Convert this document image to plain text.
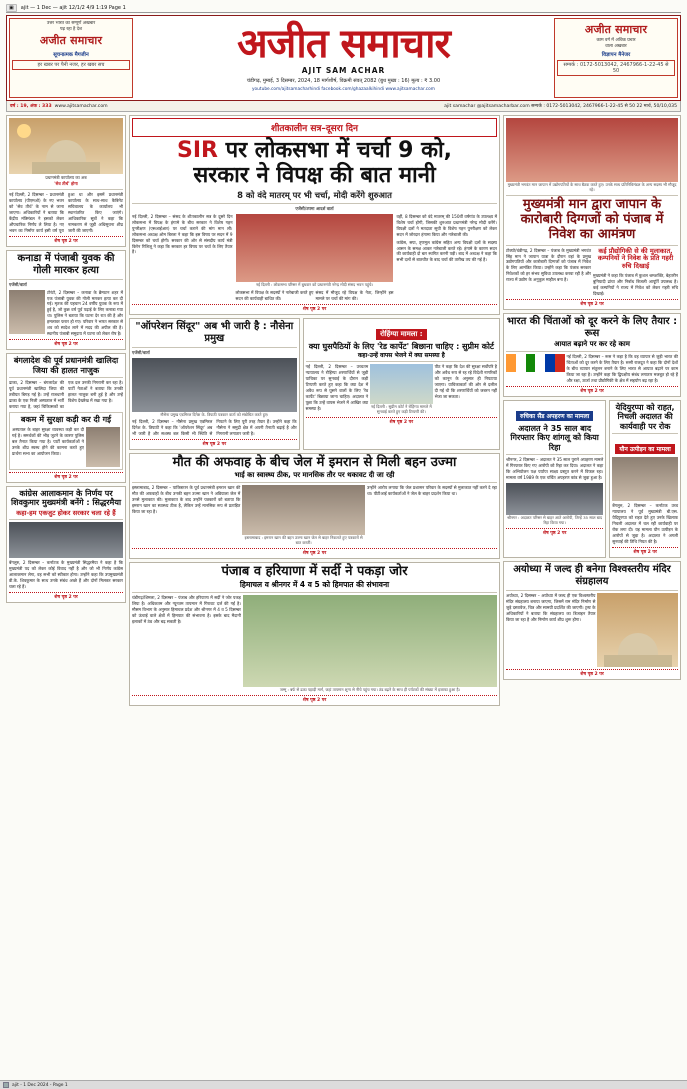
▣	ajit — 1 Dec — ajit 12/1/2 4/9 1:19 Page 1
उत्तर भारत का सम्पूर्ण अखबार
पढ़ रहा है देश
अजीत समाचार
सूचनात्मक मैगजीन
हर खबर पर पैनी नजर, हर खबर सच	अजीत समाचार
AJIT SAM ACHAR
चंडीगढ़, मुम्बई, 3 दिसम्बर, 2024, 18 मार्गशीर्ष, विक्रमी संवत् 2082 (बुध मुख्य : 16) मूल्य : ₹ 3.00
youtube.com/ajitsamacharhindi facebook.com/ghazaalkihindi www.ajitsamachar.com
अजीत समाचार
काम वर्ग में अधिक प्रचार
वाला अखबार
विज्ञापन मैनेजर
सम्पर्क : 0172-5013042, 2467966-1-22-45 से 50
वर्ष : 19, अंक : 333 www.ajitsamachar.com	ajit samachar @ajitsamacharbar.com सम्पर्क : 0172-5013042, 2467966-1-22-45 से 50 22 मार्च, 50/10,035
प्रधानमंत्री कार्यालय का अब
'सेव तीर्थ' होगा
नई दिल्ली, 2 दिसम्बर – प्रधानमंत्री कार्यालय (पीएमओ) के नए भवन को 'सेव तीर्थ' के नाम से जाना जाएगा। अधिकारियों ने बताया कि केंद्रीय मंत्रिमंडल ने इसको लेकर औपचारिक निर्णय ले लिया है। नए भवन का निर्माण कार्य इसी वर्ष पूरा हुआ था और इसमें प्रधानमंत्री कार्यालय के साथ-साथ कैबिनेट सचिवालय के कार्यालय भी स्थानांतरित किए जाएंगे। आधिकारिक सूत्रों ने कहा कि नामकरण से जुड़ी अधिसूचना शीघ्र जारी की जाएगी।
शेष पृष्ठ 2 पर
कनाडा में पंजाबी युवक की गोली मारकर हत्या
एजेंसी/वार्ता
टोरंटो, 2 दिसम्बर – कनाडा के ब्रैम्पटन शहर में एक पंजाबी युवक की गोली मारकर हत्या कर दी गई। मृतक की पहचान 24 वर्षीय युवक के रूप में हुई है, जो कुछ वर्ष पूर्व पढ़ाई के लिए कनाडा गया था। पुलिस ने बताया कि घटना देर रात की है और हमलावर फरार हो गए। परिवार ने भारत सरकार से शव को स्वदेश लाने में मदद की अपील की है। स्थानीय पंजाबी समुदाय में घटना को लेकर रोष है।
शेष पृष्ठ 2 पर
बंगलादेश की पूर्व प्रधानमंत्री खालिदा जिया की हालत नाजुक
ढाका, 2 दिसम्बर – बंगलादेश की पूर्व प्रधानमंत्री खालिदा जिया की तबीयत बिगड़ गई है। उन्हें राजधानी ढाका के एक निजी अस्पताल में भर्ती कराया गया है, जहां चिकित्सकों का एक दल उनकी निगरानी कर रहा है। पार्टी नेताओं ने बताया कि उनकी हालत नाजुक बनी हुई है और उन्हें विशेष देखरेख में रखा गया है।
बकम में सुरक्षा कड़ी कर दी गई
अस्पताल के बाहर सुरक्षा व्यवस्था कड़ी कर दी गई है। समर्थकों की भीड़ जुटने के कारण पुलिस बल तैनात किया गया है। पार्टी कार्यकर्ताओं ने उनके शीघ्र स्वस्थ होने की कामना करते हुए प्रार्थना सभा का आयोजन किया।
शेष पृष्ठ 2 पर
कांग्रेस आलाकमान के निर्णय पर शिवकुमार मुख्यमंत्री बनेंगे : सिद्धरमैया
कहा-हम एकजुट होकर सरकार चला रहे हैं
बेंगलुरु, 2 दिसम्बर – कर्नाटक के मुख्यमंत्री सिद्धरमैया ने कहा है कि मुख्यमंत्री पद को लेकर कोई विवाद नहीं है और जो भी निर्णय कांग्रेस आलाकमान लेगा, वह सभी को स्वीकार होगा। उन्होंने कहा कि उपमुख्यमंत्री डी.के. शिवकुमार के साथ उनके संबंध अच्छे हैं और दोनों मिलकर सरकार चला रहे हैं।
शेष पृष्ठ 2 पर
शीतकालीन सत्र–दूसरा दिन
SIR पर लोकसभा में चर्चा 9 को,
सरकार ने विपक्ष की बात मानी
8 को वंदे मातरम् पर भी चर्चा, मोदी करेंगे शुरुआत
एजेंसी/उपमा आदर्श वार्ता
नई दिल्ली, 2 दिसम्बर – संसद के शीतकालीन सत्र के दूसरे दिन लोकसभा में विपक्ष के हंगामे के बीच सरकार ने विशेष गहन पुनरीक्षण (एसआईआर) पर चर्चा कराने की मांग मान ली। लोकसभा अध्यक्ष ओम बिरला ने कहा कि इस विषय पर सदन में 9 दिसम्बर को चर्चा होगी। सरकार की ओर से संसदीय कार्य मंत्री किरेन रिजिजू ने कहा कि सरकार हर विषय पर चर्चा के लिए तैयार है।
नई दिल्ली : लोकसभा परिसर में बुधवार को प्रधानमंत्री नरेन्द्र मोदी संसद भवन पहुंचे।
लोकसभा में विपक्ष के सदस्यों ने नारेबाजी करते हुए सदन की कार्यवाही बाधित की।
संसद में मौजूद रहे विपक्ष के नेता, जिन्होंने इस मामले पर चर्चा की मांग की।
वहीं, 8 दिसम्बर को वंदे मातरम् की 150वीं वर्षगांठ के उपलक्ष्य में विशेष चर्चा होगी, जिसकी शुरुआत प्रधानमंत्री नरेन्द्र मोदी करेंगे। विपक्षी दलों ने मतदाता सूची के विशेष गहन पुनरीक्षण को लेकर सदन में जोरदार हंगामा किया और नारेबाजी की।
कांग्रेस, सपा, तृणमूल कांग्रेस सहित अन्य विपक्षी दलों के सदस्य आसन के समक्ष आकर नारेबाजी करते रहे। हंगामे के कारण सदन की कार्यवाही दो बार स्थगित करनी पड़ी। बाद में अध्यक्ष ने कहा कि सभी दलों से बातचीत के बाद चर्चा की तारीख तय की गई है।
शेष पृष्ठ 2 पर
"ऑपरेशन सिंदूर" अब भी जारी है : नौसेना प्रमुख
एजेंसी/वार्ता
नौसेना प्रमुख एडमिरल दिनेश के. त्रिपाठी पत्रकार वार्ता को संबोधित करते हुए।
नई दिल्ली, 2 दिसम्बर – नौसेना प्रमुख एडमिरल दिनेश के. त्रिपाठी ने कहा कि 'ऑपरेशन सिंदूर' अब भी जारी है और सशस्त्र बल किसी भी स्थिति से निपटने के लिए पूरी तरह तैयार हैं। उन्होंने कहा कि नौसेना ने समुद्री क्षेत्र में अपनी तैनाती बढ़ाई है और निगरानी लगातार जारी है।
शेष पृष्ठ 2 पर
रोहिंग्या मामला :
क्या घुसपैठियों के लिए 'रेड कार्पेट' बिछाना चाहिए : सुप्रीम कोर्ट
कहा-उन्हें वापस भेजने में क्या समस्या है
नई दिल्ली, 2 दिसम्बर – उच्चतम न्यायालय ने रोहिंग्या शरणार्थियों से जुड़ी याचिका पर सुनवाई के दौरान कड़ी टिप्पणी करते हुए कहा कि क्या देश में अवैध रूप से घुसने वालों के लिए 'रेड कार्पेट' बिछाया जाना चाहिए। अदालत ने पूछा कि उन्हें वापस भेजने में आखिर क्या समस्या है।	नई दिल्ली : सुप्रीम कोर्ट ने रोहिंग्या मामले में सुनवाई करते हुए कड़ी टिप्पणी की।
पीठ ने कहा कि देश की सुरक्षा सर्वोपरि है और अवैध रूप से रह रहे विदेशी नागरिकों को कानून के अनुसार ही निपटाया जाएगा। याचिकाकर्ता की ओर से दलील दी गई थी कि शरणार्थियों को जबरन नहीं भेजा जा सकता।
शेष पृष्ठ 2 पर
मौत की अफवाह के बीच जेल में इमरान से मिली बहन उज्मा
भाई का स्वास्थ्य ठीक, पर मानसिक तौर पर थकावट दी जा रही
इस्लामाबाद, 2 दिसम्बर – पाकिस्तान के पूर्व प्रधानमंत्री इमरान खान की मौत की अफवाहों के बीच उनकी बहन उज्मा खान ने अडियाला जेल में उनसे मुलाकात की। मुलाकात के बाद उन्होंने पत्रकारों को बताया कि इमरान खान का स्वास्थ्य ठीक है, लेकिन उन्हें मानसिक रूप से प्रताड़ित किया जा रहा है।
इस्लामाबाद : इमरान खान की बहन उज्मा खान जेल से बाहर निकलते हुए पत्रकारों से बात करतीं।
उन्होंने आरोप लगाया कि जेल प्रशासन परिवार के सदस्यों से मुलाकात नहीं करने दे रहा था। पीटीआई कार्यकर्ताओं ने जेल के बाहर प्रदर्शन किया था।
शेष पृष्ठ 2 पर
पंजाब व हरियाणा में सर्दी ने पकड़ा जोर
हिमाचल व श्रीनगर में 4 व 5 को हिमपात की संभावना
चंडीगढ़/शिमला, 2 दिसम्बर – पंजाब और हरियाणा में सर्दी ने जोर पकड़ लिया है। अधिकतम और न्यूनतम तापमान में गिरावट दर्ज की गई है। मौसम विभाग के अनुसार हिमाचल प्रदेश और श्रीनगर में 4 व 5 दिसम्बर को ऊंचाई वाले क्षेत्रों में हिमपात की संभावना है। इसके बाद मैदानी इलाकों में ठंड और बढ़ सकती है।
जम्मू : बर्फ से ढका पहाड़ी मार्ग, जहां तापमान शून्य से नीचे पहुंच गया। ठंड बढ़ने के साथ ही पर्यटकों की संख्या में इजाफा हुआ है।
शेष पृष्ठ 2 पर
मुख्यमंत्री भगवंत मान जापान में उद्योगपतियों के साथ बैठक करते हुए। उनके साथ प्रतिनिधिमंडल के अन्य सदस्य भी मौजूद रहे।
मुख्यमंत्री मान द्वारा जापान के कारोबारी दिग्गजों को पंजाब में निवेश का आमंत्रण
टोक्यो/चंडीगढ़, 2 दिसम्बर – पंजाब के मुख्यमंत्री भगवंत सिंह मान ने जापान यात्रा के दौरान वहां के प्रमुख उद्योगपतियों और कारोबारी दिग्गजों को पंजाब में निवेश के लिए आमंत्रित किया। उन्होंने कहा कि पंजाब सरकार निवेशकों को हर संभव सुविधा उपलब्ध करवा रही है और राज्य में उद्योग के अनुकूल माहौल बना है।
कई प्रौद्योगिकी से की मुलाकात, कम्पनियों ने निवेश के प्रति गहरी रुचि दिखाई
मुख्यमंत्री ने कहा कि पंजाब में कुशल श्रमशक्ति, बेहतरीन बुनियादी ढांचा और निर्बाध बिजली आपूर्ति उपलब्ध है। कई कम्पनियों ने राज्य में निवेश को लेकर गहरी रुचि दिखाई।
शेष पृष्ठ 2 पर
भारत की चिंताओं को दूर करने के लिए तैयार : रूस
आयात बढ़ाने पर कर रहे काम
नई दिल्ली, 2 दिसम्बर – रूस ने कहा है कि वह व्यापार से जुड़ी भारत की चिंताओं को दूर करने के लिए तैयार है। रूसी राजदूत ने कहा कि दोनों देशों के बीच व्यापार संतुलन बनाने के लिए भारत से आयात बढ़ाने पर काम किया जा रहा है। उन्होंने कहा कि द्विपक्षीय संबंध लगातार मजबूत हो रहे हैं और रक्षा, ऊर्जा तथा प्रौद्योगिकी के क्षेत्र में सहयोग बढ़ रहा है।
शेष पृष्ठ 2 पर
रुचिका सैंड अपहरण का मामला
अदालत ने 35 साल बाद गिरफ्तार किए शांगलू को किया रिहा
श्रीनगर, 2 दिसम्बर – अदालत ने 35 साल पुराने अपहरण मामले में गिरफ्तार किए गए आरोपी को रिहा कर दिया। अदालत ने कहा कि अभियोजन पक्ष पर्याप्त साक्ष्य प्रस्तुत करने में विफल रहा। मामला वर्ष 1989 के एक चर्चित अपहरण कांड से जुड़ा हुआ है।
श्रीनगर : अदालत परिसर से बाहर आते आरोपी, जिन्हें 35 साल बाद रिहा किया गया।
शेष पृष्ठ 2 पर
येदियुरप्पा को राहत, निचली अदालत की कार्यवाही पर रोक
यौन उत्पीड़न का मामला
बेंगलुरु, 2 दिसम्बर – कर्नाटक उच्च न्यायालय ने पूर्व मुख्यमंत्री बी.एस. येदियुरप्पा को राहत देते हुए उनके खिलाफ निचली अदालत में चल रही कार्यवाही पर रोक लगा दी। यह मामला यौन उत्पीड़न के आरोपों से जुड़ा है। अदालत ने अगली सुनवाई की तिथि नियत की है।
शेष पृष्ठ 2 पर
अयोध्या में जल्द ही बनेगा विश्वस्तरीय मंदिर संग्रहालय
अयोध्या, 2 दिसम्बर – अयोध्या में जल्द ही एक विश्वस्तरीय मंदिर संग्रहालय बनाया जाएगा, जिसमें राम मंदिर निर्माण से जुड़े दस्तावेज, चित्र और सामग्री प्रदर्शित की जाएगी। ट्रस्ट के अधिकारियों ने बताया कि संग्रहालय का डिजाइन तैयार किया जा रहा है और निर्माण कार्य शीघ्र शुरू होगा।
शेष पृष्ठ 2 पर
ajit - 1 Dec 2024 - Page 1
